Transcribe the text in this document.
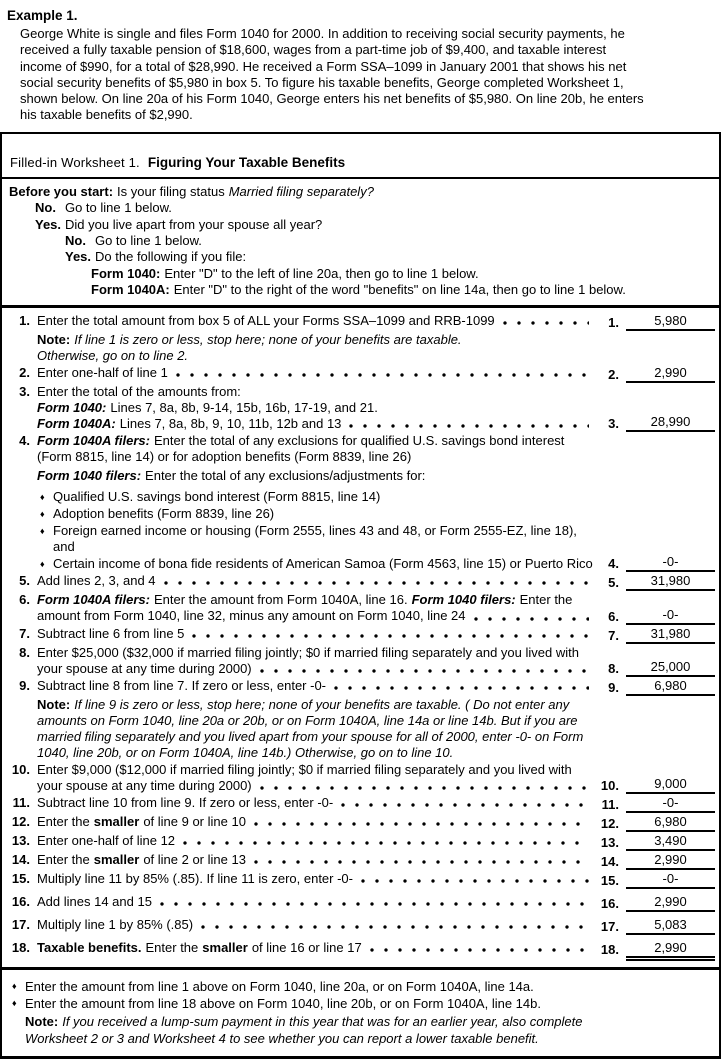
Example 1.
George White is single and files Form 1040 for 2000. In addition to receiving social security payments, he
received a fully taxable pension of $18,600, wages from a part-time job of $9,400, and taxable interest
income of $990, for a total of $28,990. He received a Form SSA–1099 in January 2001 that shows his net
social security benefits of $5,980 in box 5. To figure his taxable benefits, George completed Worksheet 1,
shown below. On line 20a of his Form 1040, George enters his net benefits of $5,980. On line 20b, he enters
his taxable benefits of $2,990.
Filled-in Worksheet 1. Figuring Your Taxable Benefits
Before you start: Is your filing status Married filing separately?
No. Go to line 1 below.
Yes. Did you live apart from your spouse all year?
No. Go to line 1 below.
Yes. Do the following if you file:
Form 1040: Enter "D" to the left of line 20a, then go to line 1 below.
Form 1040A: Enter "D" to the right of the word "benefits" on line 14a, then go to line 1 below.
1. Enter the total amount from box 5 of ALL your Forms SSA–1099 and RRB-1099	1.	5,980
Note: If line 1 is zero or less, stop here; none of your benefits are taxable.
Otherwise, go on to line 2.
2. Enter one-half of line 1	2.	2,990
3. Enter the total of the amounts from:
Form 1040: Lines 7, 8a, 8b, 9-14, 15b, 16b, 17-19, and 21.
Form 1040A: Lines 7, 8a, 8b, 9, 10, 11b, 12b and 13	3.	28,990
4. Form 1040A filers: Enter the total of any exclusions for qualified U.S. savings bond interest
(Form 8815, line 14) or for adoption benefits (Form 8839, line 26)
Form 1040 filers: Enter the total of any exclusions/adjustments for:
♦ Qualified U.S. savings bond interest (Form 8815, line 14)
♦ Adoption benefits (Form 8839, line 26)
♦ Foreign earned income or housing (Form 2555, lines 43 and 48, or Form 2555-EZ, line 18),
and
♦ Certain income of bona fide residents of American Samoa (Form 4563, line 15) or Puerto Rico	4.	-0-
5. Add lines 2, 3, and 4	5.	31,980
6. Form 1040A filers: Enter the amount from Form 1040A, line 16. Form 1040 filers: Enter the
amount from Form 1040, line 32, minus any amount on Form 1040, line 24	6.	-0-
7. Subtract line 6 from line 5	7.	31,980
8. Enter $25,000 ($32,000 if married filing jointly; $0 if married filing separately and you lived with
your spouse at any time during 2000)	8.	25,000
9. Subtract line 8 from line 7. If zero or less, enter -0-	9.	6,980
Note: If line 9 is zero or less, stop here; none of your benefits are taxable. ( Do not enter any
amounts on Form 1040, line 20a or 20b, or on Form 1040A, line 14a or line 14b. But if you are
married filing separately and you lived apart from your spouse for all of 2000, enter -0- on Form
1040, line 20b, or on Form 1040A, line 14b.) Otherwise, go on to line 10.
10. Enter $9,000 ($12,000 if married filing jointly; $0 if married filing separately and you lived with
your spouse at any time during 2000)	10.	9,000
11. Subtract line 10 from line 9. If zero or less, enter -0-	11.	-0-
12. Enter the smaller of line 9 or line 10	12.	6,980
13. Enter one-half of line 12	13.	3,490
14. Enter the smaller of line 2 or line 13	14.	2,990
15. Multiply line 11 by 85% (.85). If line 11 is zero, enter -0-	15.	-0-
16. Add lines 14 and 15	16.	2,990
17. Multiply line 1 by 85% (.85)	17.	5,083
18. Taxable benefits. Enter the smaller of line 16 or line 17	18.	2,990
♦ Enter the amount from line 1 above on Form 1040, line 20a, or on Form 1040A, line 14a.
♦ Enter the amount from line 18 above on Form 1040, line 20b, or on Form 1040A, line 14b.
Note: If you received a lump-sum payment in this year that was for an earlier year, also complete
Worksheet 2 or 3 and Worksheet 4 to see whether you can report a lower taxable benefit.
